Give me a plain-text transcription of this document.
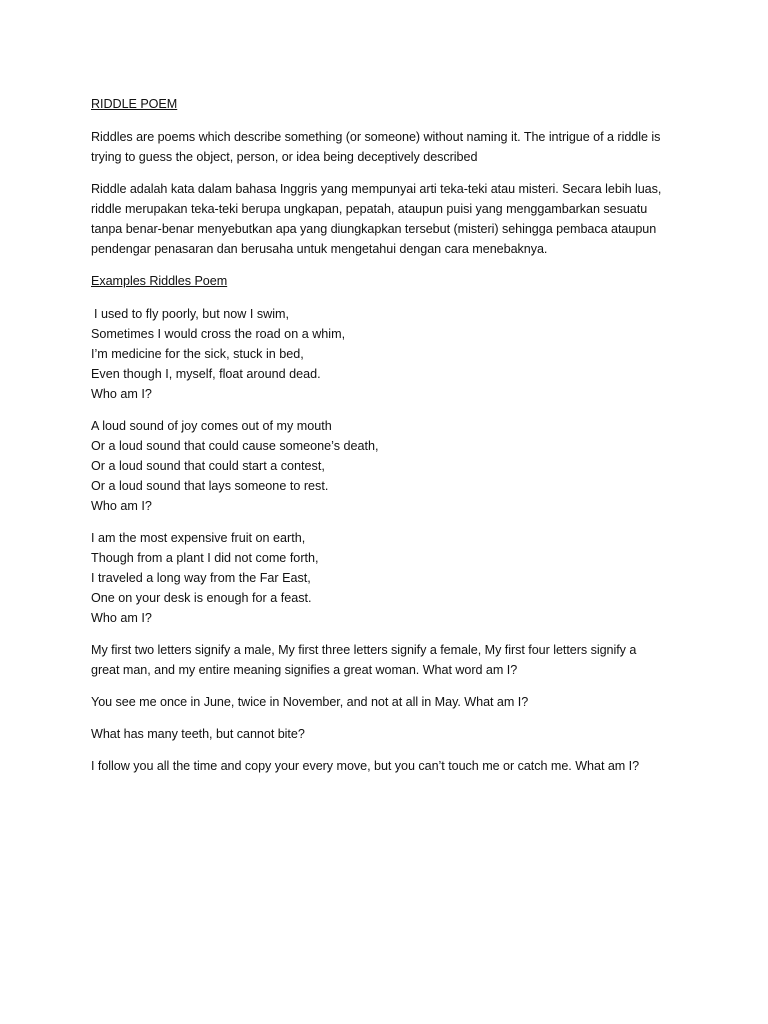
RIDDLE POEM

Riddles are poems which describe something (or someone) without naming it. The intrigue of a riddle is trying to guess the object, person, or idea being deceptively described

Riddle adalah kata dalam bahasa Inggris yang mempunyai arti teka-teki atau misteri. Secara lebih luas, riddle merupakan teka-teki berupa ungkapan, pepatah, ataupun puisi yang menggambarkan sesuatu tanpa benar-benar menyebutkan apa yang diungkapkan tersebut (misteri) sehingga pembaca ataupun pendengar penasaran dan berusaha untuk mengetahui dengan cara menebaknya.

Examples Riddles Poem

I used to fly poorly, but now I swim,
Sometimes I would cross the road on a whim,
I’m medicine for the sick, stuck in bed,
Even though I, myself, float around dead.
Who am I?
A loud sound of joy comes out of my mouth
Or a loud sound that could cause someone’s death,
Or a loud sound that could start a contest,
Or a loud sound that lays someone to rest.
Who am I?
I am the most expensive fruit on earth,
Though from a plant I did not come forth,
I traveled a long way from the Far East,
One on your desk is enough for a feast.
Who am I?

My first two letters signify a male, My first three letters signify a female, My first four letters signify a great man, and my entire meaning signifies a great woman. What word am I?

You see me once in June, twice in November, and not at all in May. What am I?

What has many teeth, but cannot bite?

I follow you all the time and copy your every move, but you can’t touch me or catch me. What am I?
